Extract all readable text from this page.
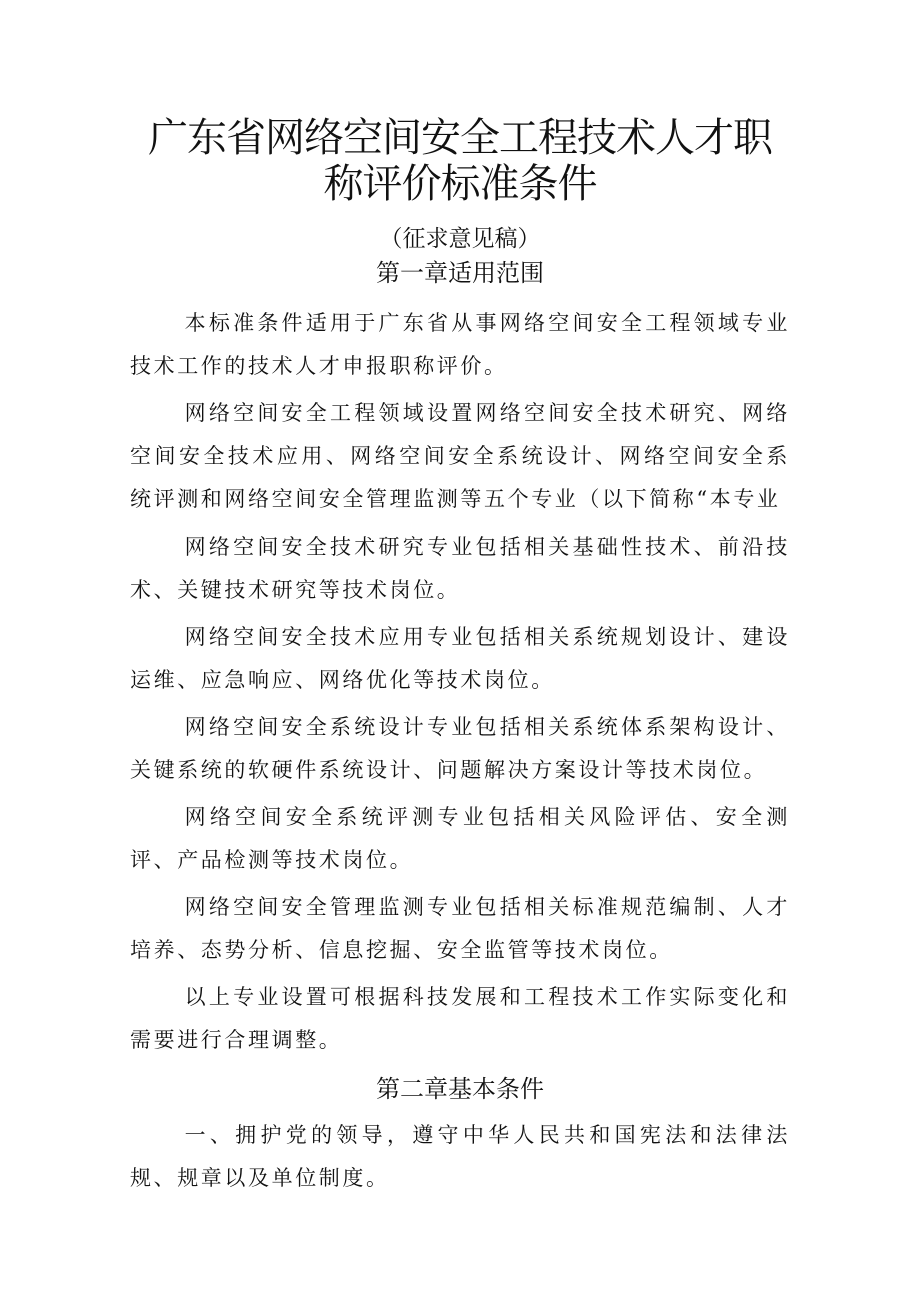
广东省网络空间安全工程技术人才职称评价标准条件

（征求意见稿）

第一章适用范围

本标准条件适用于广东省从事网络空间安全工程领域专业技术工作的技术人才申报职称评价。

网络空间安全工程领域设置网络空间安全技术研究、网络空间安全技术应用、网络空间安全系统设计、网络空间安全系统评测和网络空间安全管理监测等五个专业（以下简称“本专业

网络空间安全技术研究专业包括相关基础性技术、前沿技术、关键技术研究等技术岗位。

网络空间安全技术应用专业包括相关系统规划设计、建设运维、应急响应、网络优化等技术岗位。

网络空间安全系统设计专业包括相关系统体系架构设计、关键系统的软硬件系统设计、问题解决方案设计等技术岗位。

网络空间安全系统评测专业包括相关风险评估、安全测评、产品检测等技术岗位。

网络空间安全管理监测专业包括相关标准规范编制、人才培养、态势分析、信息挖掘、安全监管等技术岗位。

以上专业设置可根据科技发展和工程技术工作实际变化和需要进行合理调整。

第二章基本条件

一、拥护党的领导，遵守中华人民共和国宪法和法律法规、规章以及单位制度。
